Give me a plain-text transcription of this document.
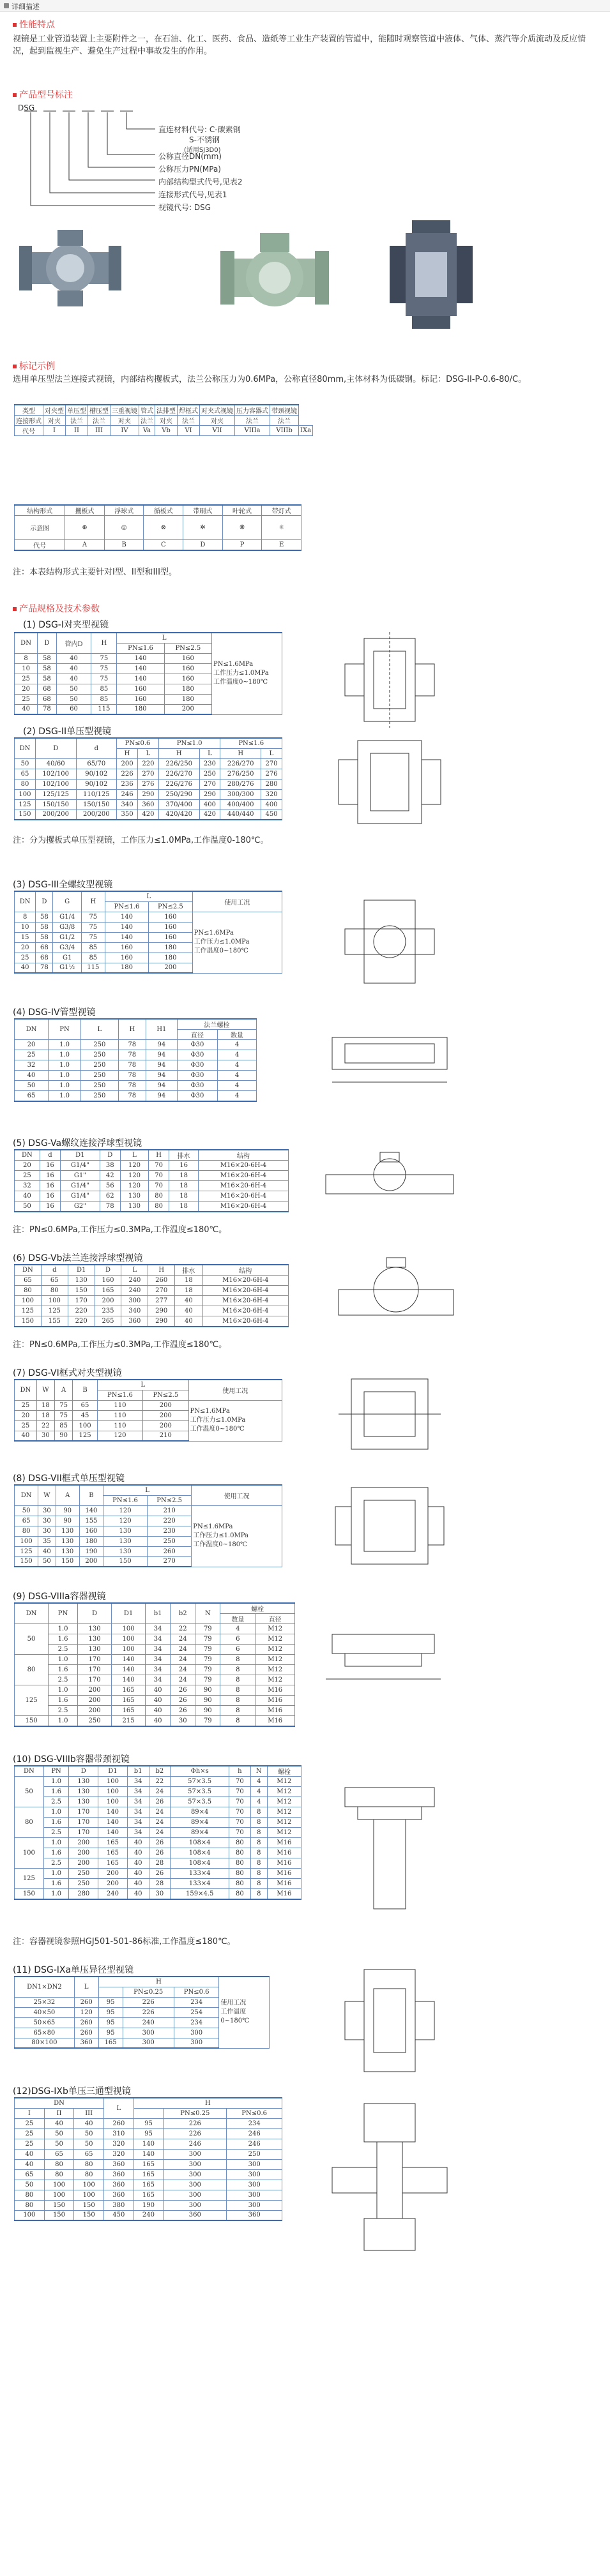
详细描述
性能特点
视镜是工业管道装置上主要附件之一，在石油、化工、医药、食品、造纸等工业生产装置的管道中，能随时观察管道中液体、气体、蒸汽等介质流动及反应情况，起到监视生产、避免生产过程中事故发生的作用。
产品型号标注
DSG
直连材料代号: C-碳素钢
S-不锈钢
(适用SJ3D0)
公称直径DN(mm)
公称压力PN(MPa)
内部结构型式代号,见表2
连接形式代号,见表1
视镜代号: DSG
标记示例
选用单压型法兰连接式视镜，内部结构攫板式，法兰公称压力为0.6MPa，公称直径80mm,主体材料为低碳钢。标记：DSG-II-P-0.6-80/C。
类型	对夹型	单压型	槽压型	三重视镜	管式	法排型	焊框式	对夹式视镜	压力容器式	带颈视镜	
连接形式	对夹	法兰	法兰	对夹	法兰	对夹	法兰	对夹	法兰	法兰	
代号	I	II	III	IV	Va	Vb	VI	VII	VIIIa	VIIIb	IXa
结构形式	攫板式	浮球式	循板式	带刷式	叶轮式	带灯式
示意图	⊕	◎	⊗	✲	❋	☼
代号	A	B	C	D	P	E
注：本表结构形式主要针对I型、II型和III型。
产品规格及技术参数
(1) DSG-I对夹型视镜
DN	D	管内D	H	L		PN≤1.6MPa
工作压力≤1.0MPa
工作温度0~180℃

				PN≤1.6	PN≤2.5	
8	58	40	75	140	160	
10	58	40	75	140	160	
25	58	40	75	140	160	
20	68	50	85	160	180	
25	68	50	85	160	180	
40	78	60	115	180	200	
(2) DSG-II单压型视镜
DN	D	d	PN≤0.6		PN≤1.0		PN≤1.6	
			H	L	H	L	H	L
50	40/60	65/70	200	220	226/250	230	226/270	270
65	102/100	90/102	226	270	226/270	250	276/250	276
80	102/100	90/102	236	276	226/276	270	280/276	280
100	125/125	110/125	246	290	250/290	290	300/300	320
125	150/150	150/150	340	360	370/400	400	400/400	400
150	200/200	200/200	350	420	420/420	420	440/440	450
注：分为攫板式单压型视镜，工作压力≤1.0MPa,工作温度0-180℃。
(3) DSG-III全螺纹型视镜
DN	D	G	H	L		使用工况
				PN≤1.6	PN≤2.5	
8	58	G1/4	75	140	160	PN≤1.6MPa
工作压力≤1.0MPa
工作温度0~180℃

10	58	G3/8	75	140	160	
15	58	G1/2	75	140	160	
20	68	G3/4	85	160	180	
25	68	G1	85	160	180	
40	78	G1½	115	180	200	
(4) DSG-IV管型视镜
DN	PN	L	H	H1	法兰螺栓	
					直径	数量
20	1.0	250	78	94	Φ30	4
25	1.0	250	78	94	Φ30	4
32	1.0	250	78	94	Φ30	4
40	1.0	250	78	94	Φ30	4
50	1.0	250	78	94	Φ30	4
65	1.0	250	78	94	Φ30	4
(5) DSG-Va螺纹连接浮球型视镜
DN	d	D1	D	L	H	排水	结构
20	16	G1/4"	38	120	70	16	M16×20-6H-4
25	16	G1"	42	120	70	18	M16×20-6H-4
32	16	G1/4"	56	120	70	18	M16×20-6H-4
40	16	G1/4"	62	130	80	18	M16×20-6H-4
50	16	G2"	78	130	80	18	M16×20-6H-4
注：PN≤0.6MPa,工作压力≤0.3MPa,工作温度≤180℃。
(6) DSG-Vb法兰连接浮球型视镜
DN	d	D1	D	L	H	排水	结构
65	65	130	160	240	260	18	M16×20-6H-4
80	80	150	165	240	270	18	M16×20-6H-4
100	100	170	200	300	277	40	M16×20-6H-4
125	125	220	235	340	290	40	M16×20-6H-4
150	155	220	265	360	290	40	M16×20-6H-4
注：PN≤0.6MPa,工作压力≤0.3MPa,工作温度≤180℃。
(7) DSG-VI框式对夹型视镜
DN	W	A	B	L		使用工况
				PN≤1.6	PN≤2.5	
25	18	75	65	110	200	PN≤1.6MPa
工作压力≤1.0MPa
工作温度0~180℃

20	18	75	45	110	200	
25	22	85	100	110	200	
40	30	90	125	120	210	
(8) DSG-VII框式单压型视镜
DN	W	A	B	L		使用工况
				PN≤1.6	PN≤2.5	
50	30	90	140	120	210	PN≤1.6MPa
工作压力≤1.0MPa
工作温度0~180℃

65	30	90	155	120	220	
80	30	130	160	130	230	
100	35	130	180	130	250	
125	40	130	190	130	260	
150	50	150	200	150	270	
(9) DSG-VIIIa容器视镜
DN	PN	D	D1	b1	b2	N	螺栓	
							数量	直径
50	1.0	130	100	34	22	79	4	M12
	1.6	130	100	34	24	79	6	M12
	2.5	130	100	34	24	79	6	M12
80	1.0	170	140	34	24	79	8	M12
	1.6	170	140	34	24	79	8	M12
	2.5	170	140	34	24	79	8	M12
125	1.0	200	165	40	26	90	8	M16
	1.6	200	165	40	26	90	8	M16
	2.5	200	165	40	26	90	8	M16
150	1.0	250	215	40	30	79	8	M16
(10) DSG-VIIIb容器带颈视镜
DN	PN	D	D1	b1	b2	Φh×s	h	N	螺栓
50	1.0	130	100	34	22	57×3.5	70	4	M12
	1.6	130	100	34	24	57×3.5	70	4	M12
	2.5	130	100	34	26	57×3.5	70	4	M12
80	1.0	170	140	34	24	89×4	70	8	M12
	1.6	170	140	34	24	89×4	70	8	M12
	2.5	170	140	34	24	89×4	70	8	M12
100	1.0	200	165	40	26	108×4	80	8	M16
	1.6	200	165	40	26	108×4	80	8	M16
	2.5	200	165	40	28	108×4	80	8	M16
125	1.0	250	200	40	26	133×4	80	8	M16
	1.6	250	200	40	28	133×4	80	8	M16
150	1.0	280	240	40	30	159×4.5	80	8	M16
注：容器视镜参照HGJ501-501-86标准,工作温度≤180℃。
(11) DSG-IXa单压异径型视镜
DN1×DN2	L	H			使用工况
工作温度
0~180℃

			PN≤0.25	PN≤0.6	
25×32	260	95	226	234	
40×50	120	95	226	254	
50×65	260	95	240	234	
65×80	260	95	300	300	
80×100	360	165	300	300	
(12)DSG-IXb单压三通型视镜
DN			L	H		
I	II	III			PN≤0.25	PN≤0.6
25	40	40	260	95	226	234
25	50	50	310	95	226	246
25	50	50	320	140	246	246
40	65	65	320	140	300	250
40	80	80	360	165	300	300
65	80	80	360	165	300	300
50	100	100	360	165	300	300
80	100	100	360	165	300	300
80	150	150	380	190	300	300
100	150	150	450	240	360	360
